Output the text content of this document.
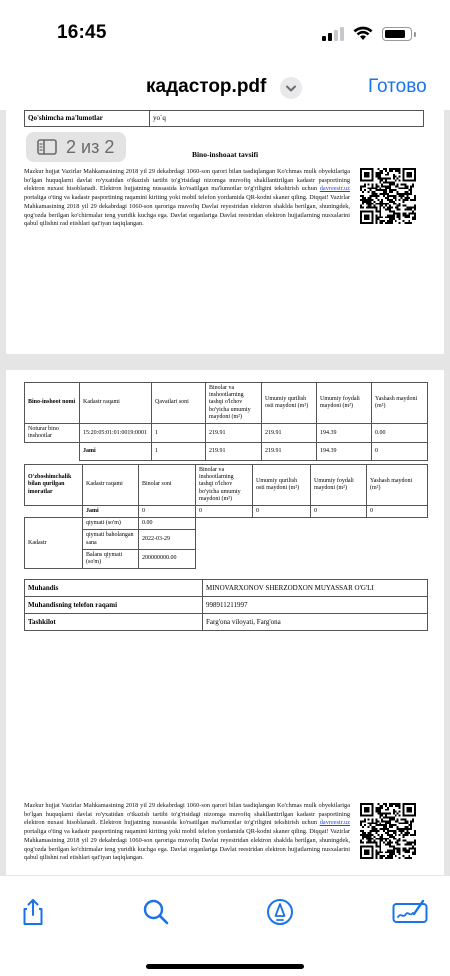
16:45
кадастор.pdf	Готово
Qo'shimcha ma'lumotlar	yo`q
Bino-inshoaat tavsifi
Mazkur hujjat Vazirlar Mahkamasining 2018 yil 29 dekabrdagi 1060-son qarori bilan tasdiqlangan Ko'chmas mulk obyektlariga bo'lgan huquqlarni davlat ro'yxatidan o'tkazish tartibi to'g'risidagi nizomga muvofiq shakllantirilgan kadastr pasportining elektron nuxasi hisoblanadi. Elektron hujjatning nussasida ko'rsatilgan ma'lumotlar to'g'riligini tekshirish uchun davreestr.uz portaliga o'ting va kadastr pasportining raqamini kiriting yoki mobil telefon yordamida QR-kodni skaner qiling. Diqqat! Vazirlar Mahkamasining 2018 yil 29 dekabrdagi 1060-son qaroriga muvofiq Davlat reyestridan elektron shaklda berilgan, shuningdek, qog'ozda berilgan ko'chirmalar teng yuridik kuchga ega. Davlat organlariga Davlat reestridan elektron hujjatlarning nusxalarini qabul qilishni rad etishlari qat'iyan taqiqlangan.
2 из 2
Bino-inshoot nomi	Kadastr raqami	Qavatlari soni	Binolar va inshootlarning tashqi o'lchov bo'yicha umumiy maydoni (m²)	Umumiy qurilish osti maydoni (m²)	Umumiy foydali maydoni (m²)	Yashash maydoni (m²)
Noturar bino inshootlar	15:20:05:01:01:0019:0001	1	219.91	219.91	194.39	0.00
	Jami	1	219.91	219.91	194.39	0
O'zboshimchalik bilan qurilgan imoratlar	Kadastr raqami	Binolar soni	Binolar va inshootlarning tashqi o'lchov bo'yicha umumiy maydoni (m²)	Umumiy qurilish osti maydoni (m²)	Umumiy foydali maydoni (m²)	Yashash maydoni (m²)
	Jami	0	0	0	0	0
Kadastr	qiymati (so'm)	0.00				
	qiymati baholangan sana	2022-03-29				
	Balans qiymati (so'm)	200000000.00				
Muhandis	MINOVARXONOV SHERZODXON MUYASSAR O'G'LI
Muhandisning telefon raqami	998911211997
Tashkilot	Farg'ona viloyati, Farg'ona
Mazkur hujjat Vazirlar Mahkamasining 2018 yil 29 dekabrdagi 1060-son qarori bilan tasdiqlangan Ko'chmas mulk obyektlariga bo'lgan huquqlarni davlat ro'yxatidan o'tkazish tartibi to'g'risidagi nizomga muvofiq shakllantirilgan kadastr pasportining elektron nuxasi hisoblanadi. Elektron hujjatning nussasida ko'rsatilgan ma'lumotlar to'g'riligini tekshirish uchun davreestr.uz portaliga o'ting va kadastr pasportining raqamini kiriting yoki mobil telefon yordamida QR-kodni skaner qiling. Diqqat! Vazirlar Mahkamasining 2018 yil 29 dekabrdagi 1060-son qaroriga muvofiq Davlat reyestridan elektron shaklda berilgan, shuningdek, qog'ozda berilgan ko'chirmalar teng yuridik kuchga ega. Davlat organlariga Davlat reestridan elektron hujjatlarning nusxalarini qabul qilishni rad etishlari qat'iyan taqiqlangan.
